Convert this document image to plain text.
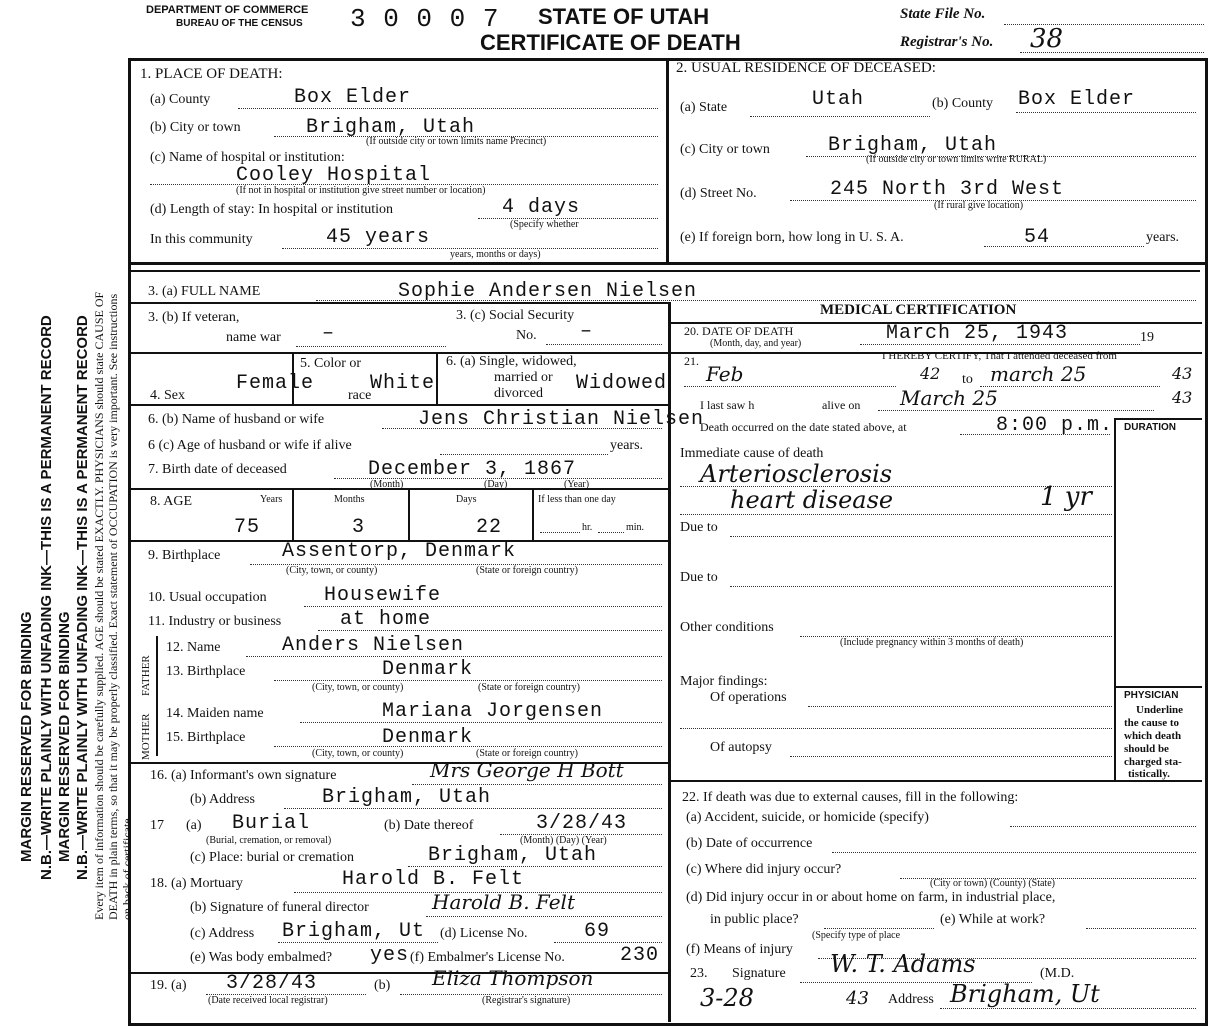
MARGIN RESERVED FOR BINDING N.B.—WRITE PLAINLY WITH UNFADING INK—THIS IS A PERMANENT RECORD MARGIN RESERVED FOR BINDING N.B.—WRITE PLAINLY WITH UNFADING INK—THIS IS A PERMANENT RECORD Every item of information should be carefully supplied. AGE should be stated EXACTLY. PHYSICIANS should state CAUSE OF DEATH in plain terms, so that it may be properly classified. Exact statement of OCCUPATION is very important. See instructions on back of certificate.
DEPARTMENT OF COMMERCE
BUREAU OF THE CENSUS 3 0 0 0 7 STATE OF UTAH
CERTIFICATE OF DEATH
State File No.
Registrar's No. 38
1. PLACE OF DEATH:
(a) County	Box Elder
(b) City or town	Brigham, Utah
(If outside city or town limits name Precinct)
(c) Name of hospital or institution:
Cooley Hospital
(If not in hospital or institution give street number or location)
(d) Length of stay: In hospital or institution	4 days
(Specify whether
In this community	45 years
years, months or days)
2. USUAL RESIDENCE OF DECEASED:
(a) State	Utah	(b) County Box Elder
(c) City or town	Brigham, Utah
(If outside city or town limits write RURAL)
(d) Street No.	245 North 3rd West
(If rural give location)
(e) If foreign born, how long in U. S. A.	54	years.
3. (a) FULL NAME	Sophie Andersen Nielsen
3. (b) If veteran,
name war –
3. (c) Social Security
No. –
4. Sex
Female
5. Color or
race
White
6. (a) Single, widowed,
married or
divorced Widowed
6. (b) Name of husband or wife	Jens Christian Nielsen
6 (c) Age of husband or wife if alive	years.
7. Birth date of deceased	December 3, 1867
(Month)	(Day)	(Year)
8. AGE	Years	Months	Days	If less than one day
75	3	22	hr.	min.
9. Birthplace	Assentorp, Denmark
(City, town, or county)	(State or foreign country)
10. Usual occupation	Housewife
11. Industry or business	at home
FATHER
MOTHER
12. Name	Anders Nielsen
13. Birthplace	Denmark
(City, town, or county)	(State or foreign country)
14. Maiden name	Mariana Jorgensen
15. Birthplace	Denmark
(City, town, or county)	(State or foreign country)
16. (a) Informant's own signature	Mrs George H Bott
(b) Address	Brigham, Utah
17 (a) Burial
(Burial, cremation, or removal)
(b) Date thereof	3/28/43
(Month) (Day) (Year)
(c) Place: burial or cremation	Brigham, Utah
18. (a) Mortuary	Harold B. Felt
(b) Signature of funeral director	Harold B. Felt
(c) Address Brigham, Ut (d) License No.	69
(e) Was body embalmed? yes (f) Embalmer's License No.	230
19. (a) 3/28/43
(Date received local registrar)
(b) Eliza Thompson
(Registrar's signature)
MEDICAL CERTIFICATION
20. DATE OF DEATH
(Month, day, and year)	March 25, 1943	19
21.	I HEREBY CERTIFY, That I attended deceased from
Feb	42 to march 25	43
I last saw h	alive on March 25	43
Death occurred on the date stated above, at	8:00 p.m. DURATION
Immediate cause of death
Arteriosclerosis
heart disease	1 yr
Due to
Due to
Other conditions
(Include pregnancy within 3 months of death)
Major findings:
Of operations
Of autopsy
PHYSICIAN
Underline
the cause to
which death
should be
charged sta-
tistically.
22. If death was due to external causes, fill in the following:
(a) Accident, suicide, or homicide (specify)
(b) Date of occurrence
(c) Where did injury occur?
(City or town) (County) (State)
(d) Did injury occur in or about home on farm, in industrial place,
in public place?	(e) While at work?
(Specify type of place
(f) Means of injury
23. Signature W. T. Adams	(M.D.
3-28	43 Address Brigham, Ut
